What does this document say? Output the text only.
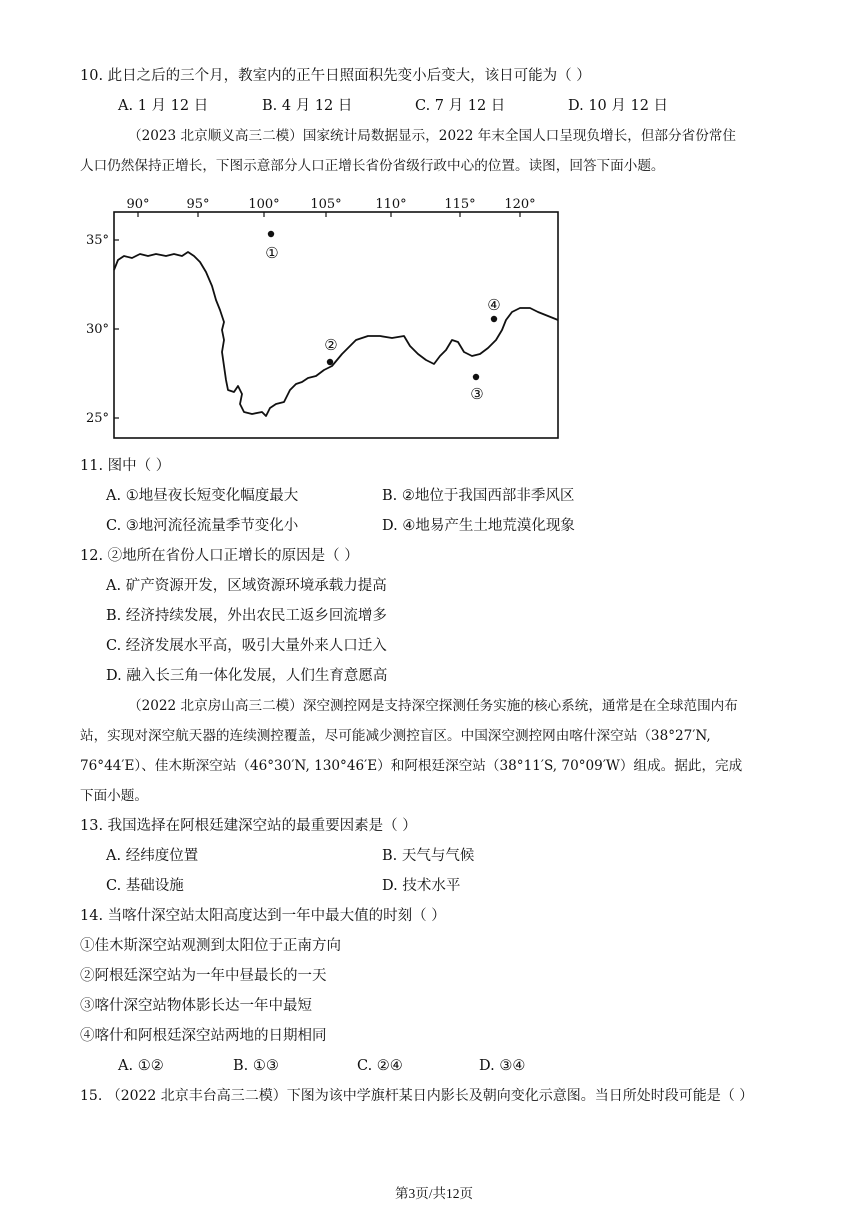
10. 此日之后的三个月，教室内的正午日照面积先变小后变大，该日可能为（ ）
A. 1 月 12 日	B. 4 月 12 日	C. 7 月 12 日	D. 10 月 12 日
（2023 北京顺义高三二模）国家统计局数据显示，2022 年末全国人口呈现负增长，但部分省份常住
人口仍然保持正增长，下图示意部分人口正增长省份省级行政中心的位置。读图，回答下面小题。
90°	95°	100° 105°	110°	115° 120°
35°
30°
25°
①
②
③
④
11. 图中（ ）
A. ①地昼夜长短变化幅度最大	B. ②地位于我国西部非季风区
C. ③地河流径流量季节变化小	D. ④地易产生土地荒漠化现象
12. ②地所在省份人口正增长的原因是（ ）
A. 矿产资源开发，区域资源环境承载力提高
B. 经济持续发展，外出农民工返乡回流增多
C. 经济发展水平高，吸引大量外来人口迁入
D. 融入长三角一体化发展，人们生育意愿高
（2022 北京房山高三二模）深空测控网是支持深空探测任务实施的核心系统，通常是在全球范围内布
站，实现对深空航天器的连续测控覆盖，尽可能减少测控盲区。中国深空测控网由喀什深空站（38°27′N,
76°44′E）、佳木斯深空站（46°30′N, 130°46′E）和阿根廷深空站（38°11′S, 70°09′W）组成。据此，完成
下面小题。
13. 我国选择在阿根廷建深空站的最重要因素是（ ）
A. 经纬度位置	B. 天气与气候
C. 基础设施	D. 技术水平
14. 当喀什深空站太阳高度达到一年中最大值的时刻（ ）
①佳木斯深空站观测到太阳位于正南方向
②阿根廷深空站为一年中昼最长的一天
③喀什深空站物体影长达一年中最短
④喀什和阿根廷深空站两地的日期相同
A. ①②	B. ①③	C. ②④	D. ③④
15. （2022 北京丰台高三二模）下图为该中学旗杆某日内影长及朝向变化示意图。当日所处时段可能是（ ）
第3页/共12页
